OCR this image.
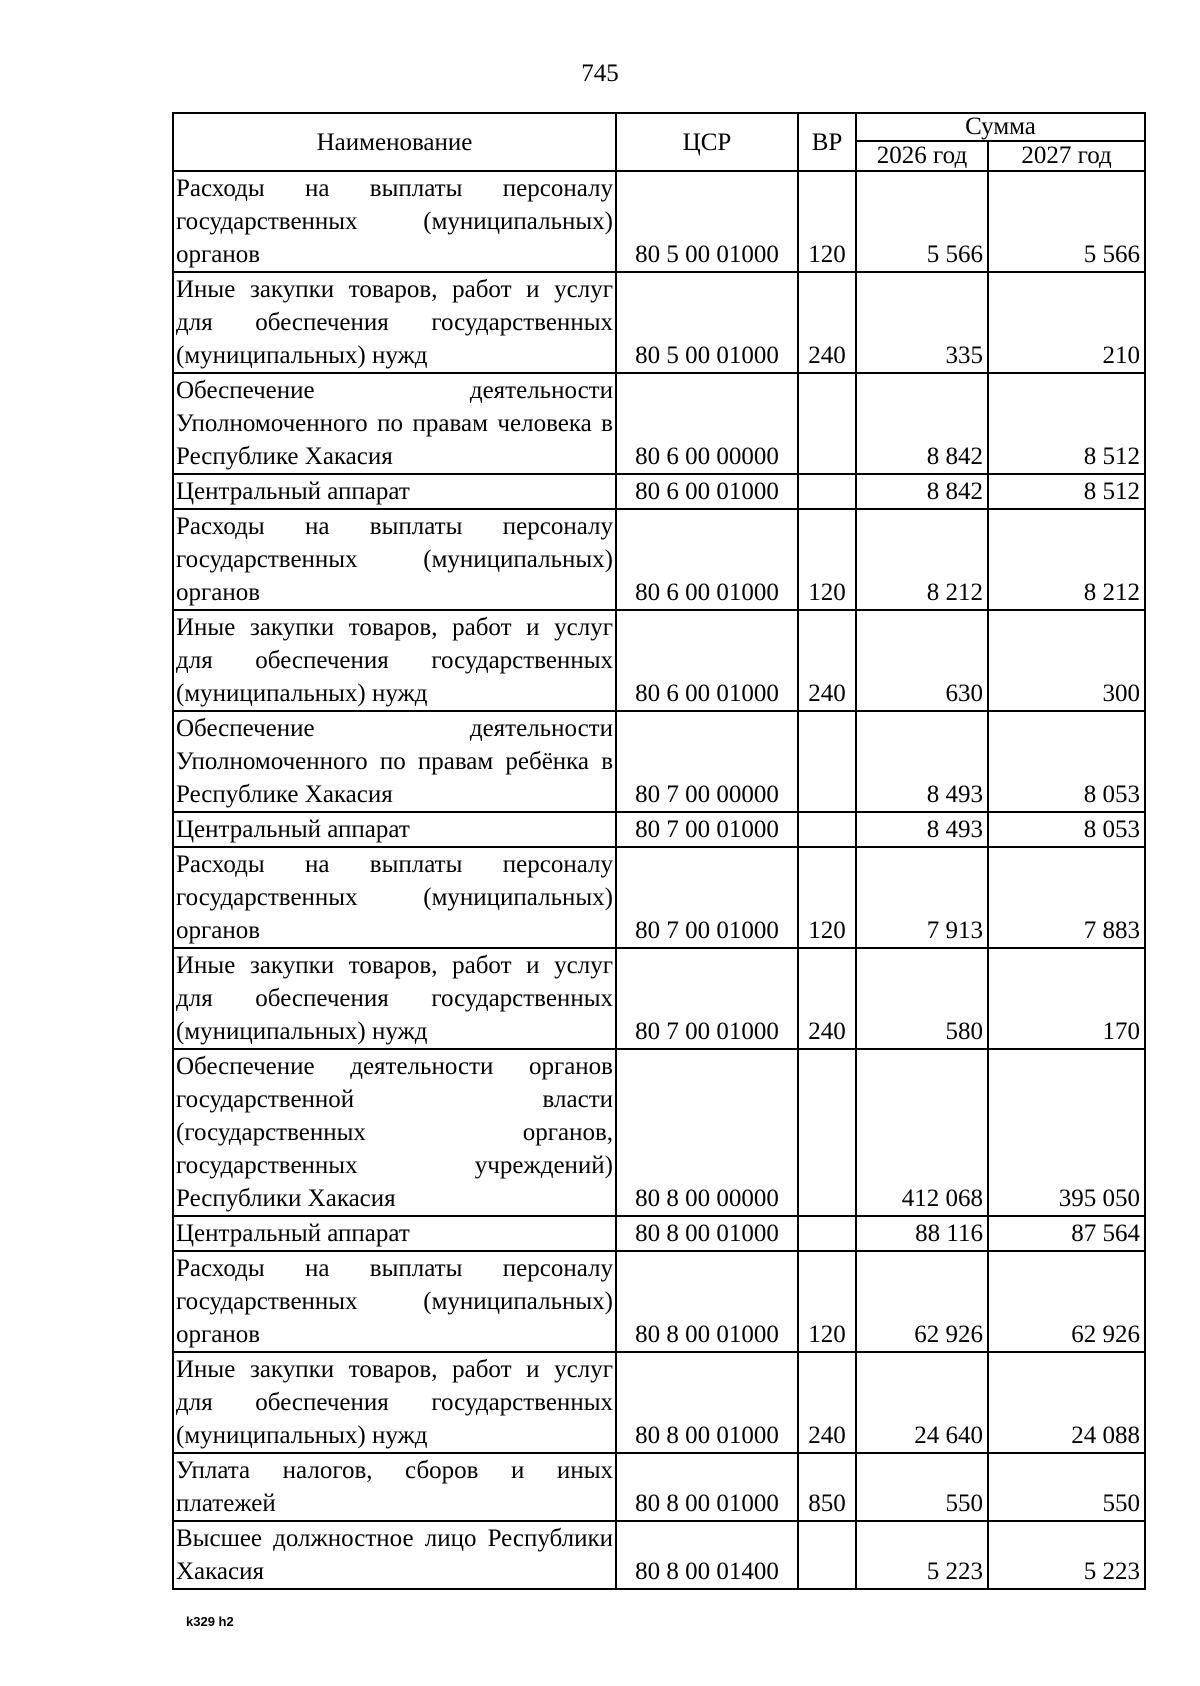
745
Наименование	ЦСР	ВР	Сумма	
			2026 год	2027 год
Расходы на выплаты персоналу государственных (муниципальных) органов	80 5 00 01000	120	5 566	5 566
Иные закупки товаров, работ и услуг для обеспечения государственных (муниципальных) нужд	80 5 00 01000	240	335	210
Обеспечение деятельности Уполномоченного по правам человека в Республике Хакасия	80 6 00 00000		8 842	8 512
Центральный аппарат	80 6 00 01000		8 842	8 512
Расходы на выплаты персоналу государственных (муниципальных) органов	80 6 00 01000	120	8 212	8 212
Иные закупки товаров, работ и услуг для обеспечения государственных (муниципальных) нужд	80 6 00 01000	240	630	300
Обеспечение деятельности Уполномоченного по правам ребёнка в Республике Хакасия	80 7 00 00000		8 493	8 053
Центральный аппарат	80 7 00 01000		8 493	8 053
Расходы на выплаты персоналу государственных (муниципальных) органов	80 7 00 01000	120	7 913	7 883
Иные закупки товаров, работ и услуг для обеспечения государственных (муниципальных) нужд	80 7 00 01000	240	580	170
Обеспечение деятельности органов государственной власти (государственных органов, государственных учреждений) Республики Хакасия	80 8 00 00000		412 068	395 050
Центральный аппарат	80 8 00 01000		88 116	87 564
Расходы на выплаты персоналу государственных (муниципальных) органов	80 8 00 01000	120	62 926	62 926
Иные закупки товаров, работ и услуг для обеспечения государственных (муниципальных) нужд	80 8 00 01000	240	24 640	24 088
Уплата налогов, сборов и иных платежей	80 8 00 01000	850	550	550
Высшее должностное лицо Республики Хакасия	80 8 00 01400		5 223	5 223
k329 h2
